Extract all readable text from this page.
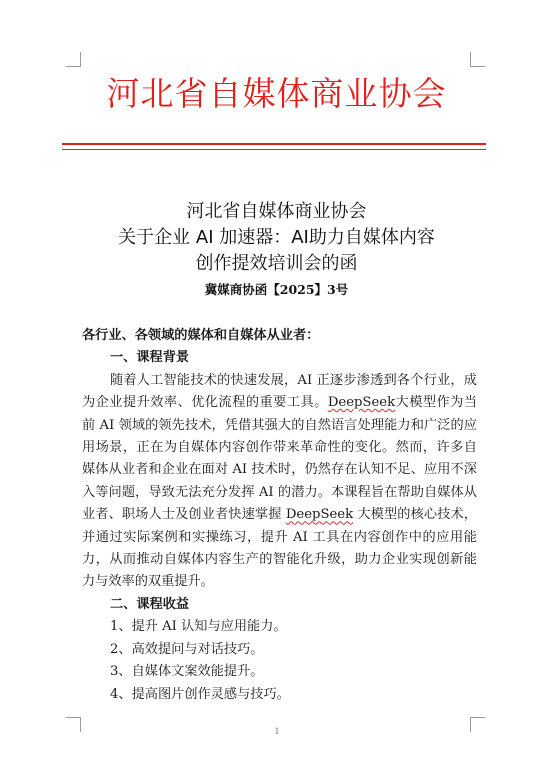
河北省自媒体商业协会
河北省自媒体商业协会
关于企业 AI 加速器：AI助力自媒体内容
创作提效培训会的函
冀媒商协函【2025】3号

各行业、各领域的媒体和自媒体从业者：

一、课程背景

随着人工智能技术的快速发展，AI 正逐步渗透到各个行业，成为企业提升效率、优化流程的重要工具。DeepSeek大模型作为当前 AI 领域的领先技术，凭借其强大的自然语言处理能力和广泛的应用场景，正在为自媒体内容创作带来革命性的变化。然而，许多自媒体从业者和企业在面对 AI 技术时，仍然存在认知不足、应用不深入等问题，导致无法充分发挥 AI 的潜力。本课程旨在帮助自媒体从业者、职场人士及创业者快速掌握 DeepSeek 大模型的核心技术，并通过实际案例和实操练习，提升 AI 工具在内容创作中的应用能力，从而推动自媒体内容生产的智能化升级，助力企业实现创新能力与效率的双重提升。

二、课程收益

1、提升 AI 认知与应用能力。

2、高效提问与对话技巧。

3、自媒体文案效能提升。

4、提高图片创作灵感与技巧。

1
